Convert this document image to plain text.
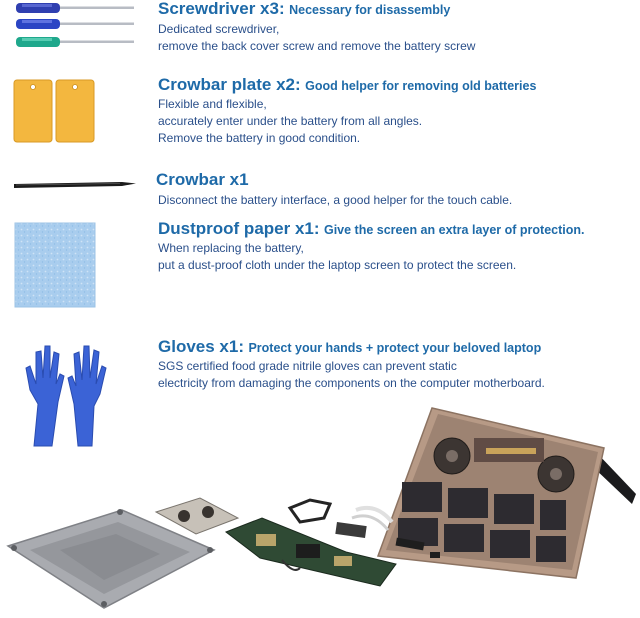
Screwdriver x3: Necessary for disassembly
Dedicated screwdriver,
remove the back cover screw and remove the battery screw
Crowbar plate x2: Good helper for removing old batteries
Flexible and flexible,
accurately enter under the battery from all angles.
Remove the battery in good condition.
Crowbar x1
Disconnect the battery interface, a good helper for the touch cable.
Dustproof paper x1: Give the screen an extra layer of protection.
When replacing the battery,
put a dust-proof cloth under the laptop screen to protect the screen.
Gloves x1: Protect your hands + protect your beloved laptop
SGS certified food grade nitrile gloves can prevent static
electricity from damaging the components on the computer motherboard.
